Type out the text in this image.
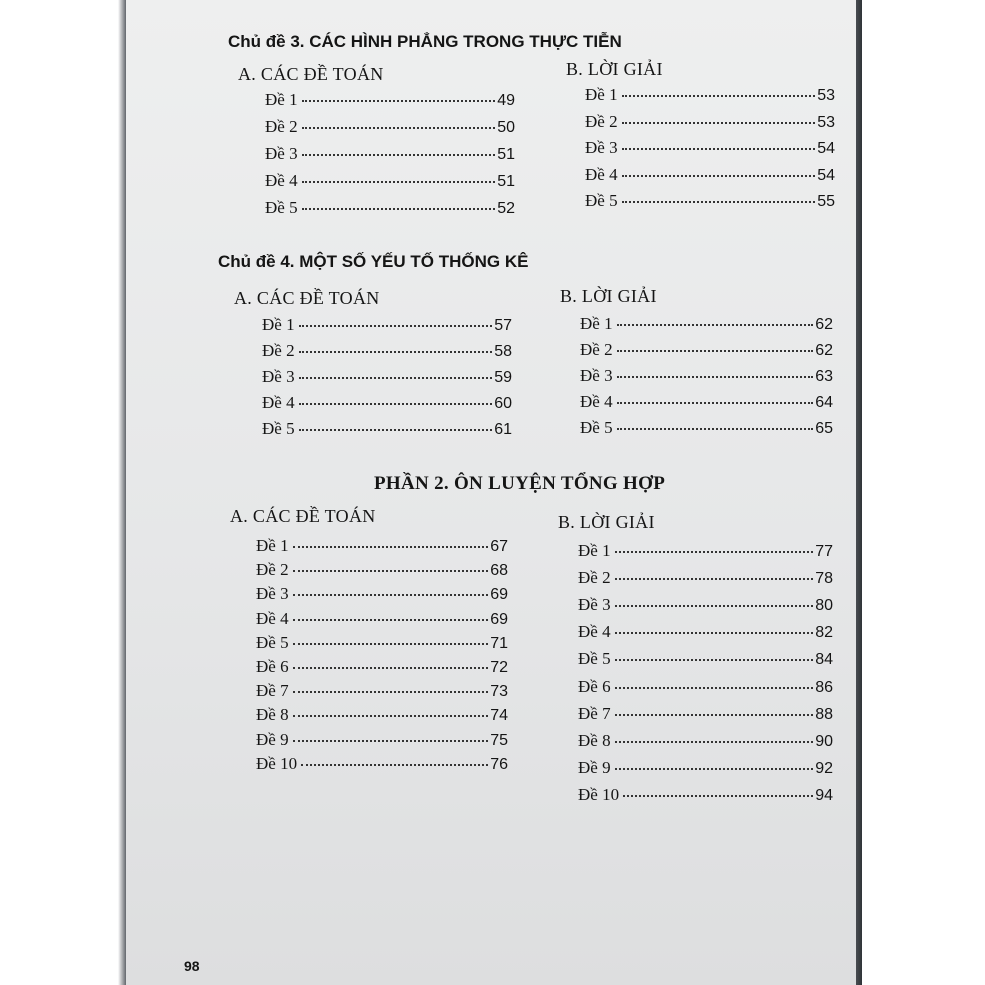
Chủ đề 3. CÁC HÌNH PHẲNG TRONG THỰC TIỄN
A. CÁC ĐỀ TOÁN	B. LỜI GIẢI
Đề 1	49
Đề 2	50
Đề 3	51
Đề 4	51
Đề 5	52
Đề 1	53
Đề 2	53
Đề 3	54
Đề 4	54
Đề 5	55
Chủ đề 4. MỘT SỐ YẾU TỐ THỐNG KÊ
A. CÁC ĐỀ TOÁN	B. LỜI GIẢI
Đề 1	57
Đề 2	58
Đề 3	59
Đề 4	60
Đề 5	61
Đề 1	62
Đề 2	62
Đề 3	63
Đề 4	64
Đề 5	65
PHẦN 2. ÔN LUYỆN TỔNG HỢP
A. CÁC ĐỀ TOÁN	B. LỜI GIẢI
Đề 1	67
Đề 2	68
Đề 3	69
Đề 4	69
Đề 5	71
Đề 6	72
Đề 7	73
Đề 8	74
Đề 9	75
Đề 10	76
Đề 1	77
Đề 2	78
Đề 3	80
Đề 4	82
Đề 5	84
Đề 6	86
Đề 7	88
Đề 8	90
Đề 9	92
Đề 10	94
98
